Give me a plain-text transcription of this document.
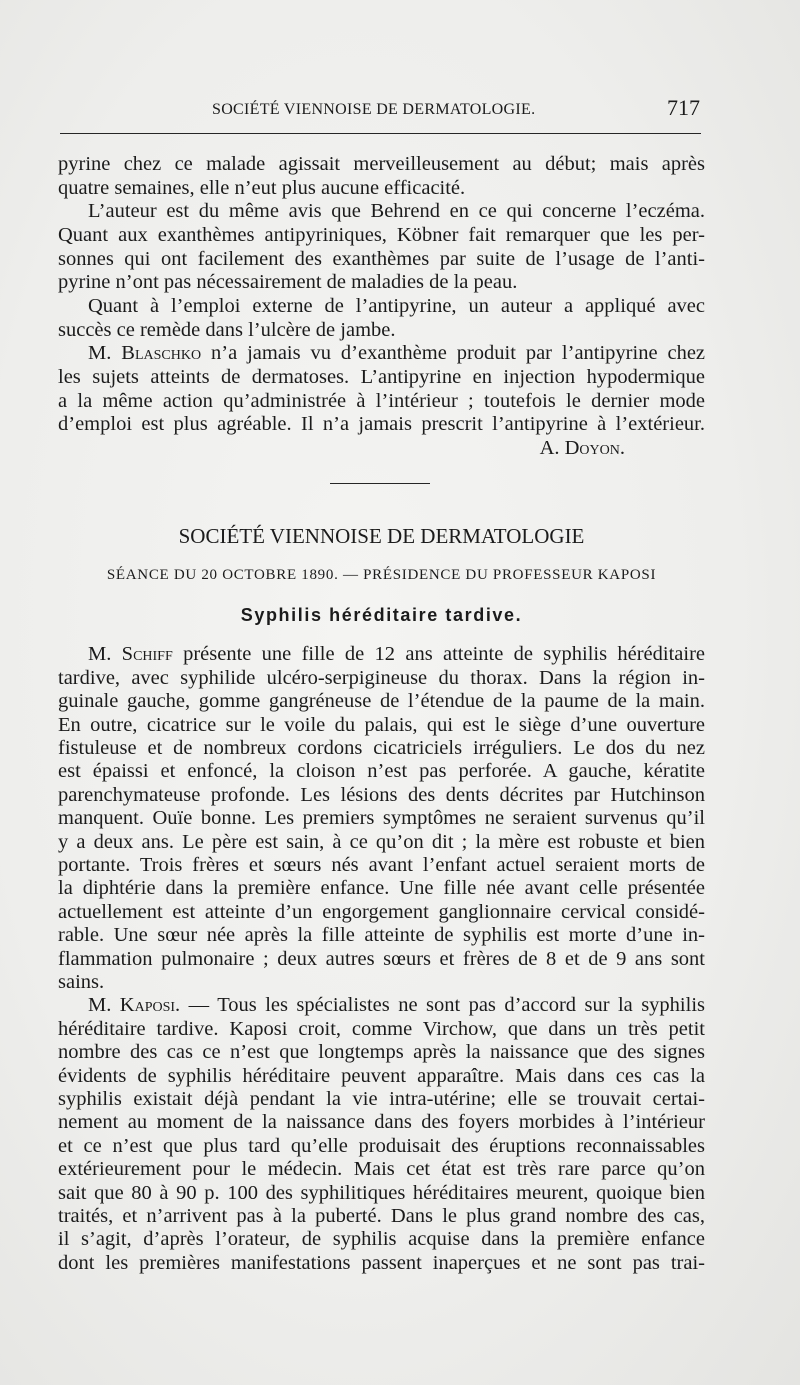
SOCIÉTÉ VIENNOISE DE DERMATOLOGIE.	717
pyrine chez ce malade agissait merveilleusement au début; mais après
quatre semaines, elle n’eut plus aucune efficacité.
L’auteur est du même avis que Behrend en ce qui concerne l’eczéma.
Quant aux exanthèmes antipyriniques, Köbner fait remarquer que les per-
sonnes qui ont facilement des exanthèmes par suite de l’usage de l’anti-
pyrine n’ont pas nécessairement de maladies de la peau.
Quant à l’emploi externe de l’antipyrine, un auteur a appliqué avec
succès ce remède dans l’ulcère de jambe.
M. Blaschko n’a jamais vu d’exanthème produit par l’antipyrine chez
les sujets atteints de dermatoses. L’antipyrine en injection hypodermique
a la même action qu’administrée à l’intérieur ; toutefois le dernier mode
d’emploi est plus agréable. Il n’a jamais prescrit l’antipyrine à l’extérieur.
A. Doyon.
SOCIÉTÉ VIENNOISE DE DERMATOLOGIE
SÉANCE DU 20 OCTOBRE 1890. — PRÉSIDENCE DU PROFESSEUR KAPOSI
Syphilis héréditaire tardive.
M. Schiff présente une fille de 12 ans atteinte de syphilis héréditaire
tardive, avec syphilide ulcéro-serpigineuse du thorax. Dans la région in-
guinale gauche, gomme gangréneuse de l’étendue de la paume de la main.
En outre, cicatrice sur le voile du palais, qui est le siège d’une ouverture
fistuleuse et de nombreux cordons cicatriciels irréguliers. Le dos du nez
est épaissi et enfoncé, la cloison n’est pas perforée. A gauche, kératite
parenchymateuse profonde. Les lésions des dents décrites par Hutchinson
manquent. Ouïe bonne. Les premiers symptômes ne seraient survenus qu’il
y a deux ans. Le père est sain, à ce qu’on dit ; la mère est robuste et bien
portante. Trois frères et sœurs nés avant l’enfant actuel seraient morts de
la diphtérie dans la première enfance. Une fille née avant celle présentée
actuellement est atteinte d’un engorgement ganglionnaire cervical considé-
rable. Une sœur née après la fille atteinte de syphilis est morte d’une in-
flammation pulmonaire ; deux autres sœurs et frères de 8 et de 9 ans sont
sains.
M. Kaposi. — Tous les spécialistes ne sont pas d’accord sur la syphilis
héréditaire tardive. Kaposi croit, comme Virchow, que dans un très petit
nombre des cas ce n’est que longtemps après la naissance que des signes
évidents de syphilis héréditaire peuvent apparaître. Mais dans ces cas la
syphilis existait déjà pendant la vie intra-utérine; elle se trouvait certai-
nement au moment de la naissance dans des foyers morbides à l’intérieur
et ce n’est que plus tard qu’elle produisait des éruptions reconnaissables
extérieurement pour le médecin. Mais cet état est très rare parce qu’on
sait que 80 à 90 p. 100 des syphilitiques héréditaires meurent, quoique bien
traités, et n’arrivent pas à la puberté. Dans le plus grand nombre des cas,
il s’agit, d’après l’orateur, de syphilis acquise dans la première enfance
dont les premières manifestations passent inaperçues et ne sont pas trai-
